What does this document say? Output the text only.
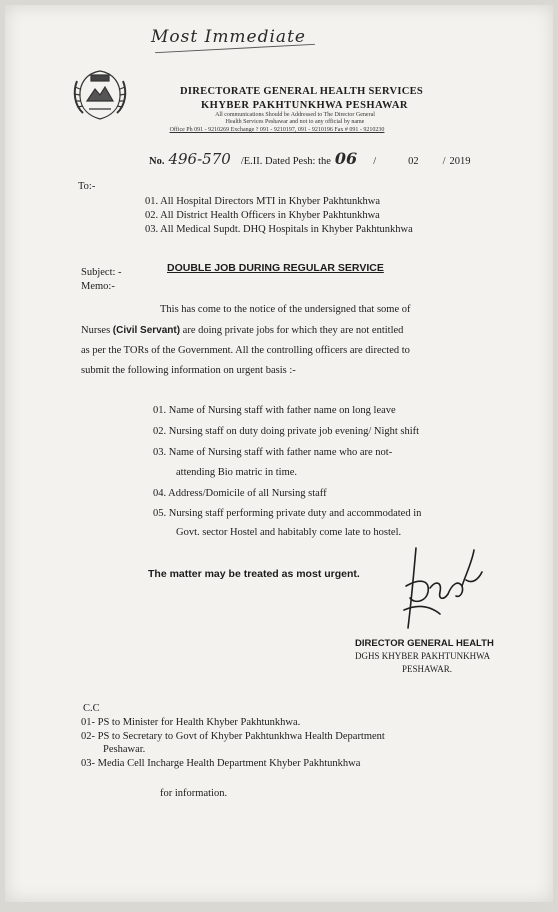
Most Immediate
DIRECTORATE GENERAL HEALTH SERVICES
KHYBER PAKHTUNKHWA PESHAWAR
All communications Should be Addressed to The Director General
Health Services Peshawar and not to any official by name
Office Ph 091 - 9210269 Exchange ? 091 - 9210197, 091 - 9210196 Fax # 091 - 9210230
No. 496-570 /E.II. Dated Pesh: the 06 /	02 / 2019
To:-
01. All Hospital Directors MTI in Khyber Pakhtunkhwa
02. All District Health Officers in Khyber Pakhtunkhwa
03. All Medical Supdt. DHQ Hospitals in Khyber Pakhtunkhwa
Subject: -	DOUBLE JOB DURING REGULAR SERVICE
Memo:-
This has come to the notice of the undersigned that some of
Nurses (Civil Servant) are doing private jobs for which they are not entitled
as per the TORs of the Government. All the controlling officers are directed to
submit the following information on urgent basis :-
01. Name of Nursing staff with father name on long leave
02. Nursing staff on duty doing private job evening/ Night shift
03. Name of Nursing staff with father name who are not-
attending Bio matric in time.
04. Address/Domicile of all Nursing staff
05. Nursing staff performing private duty and accommodated in
Govt. sector Hostel and habitably come late to hostel.
The matter may be treated as most urgent.
DIRECTOR GENERAL HEALTH
DGHS KHYBER PAKHTUNKHWA
PESHAWAR.
C.C
01- PS to Minister for Health Khyber Pakhtunkhwa.
02- PS to Secretary to Govt of Khyber Pakhtunkhwa Health Department
Peshawar.
03- Media Cell Incharge Health Department Khyber Pakhtunkhwa
for information.
